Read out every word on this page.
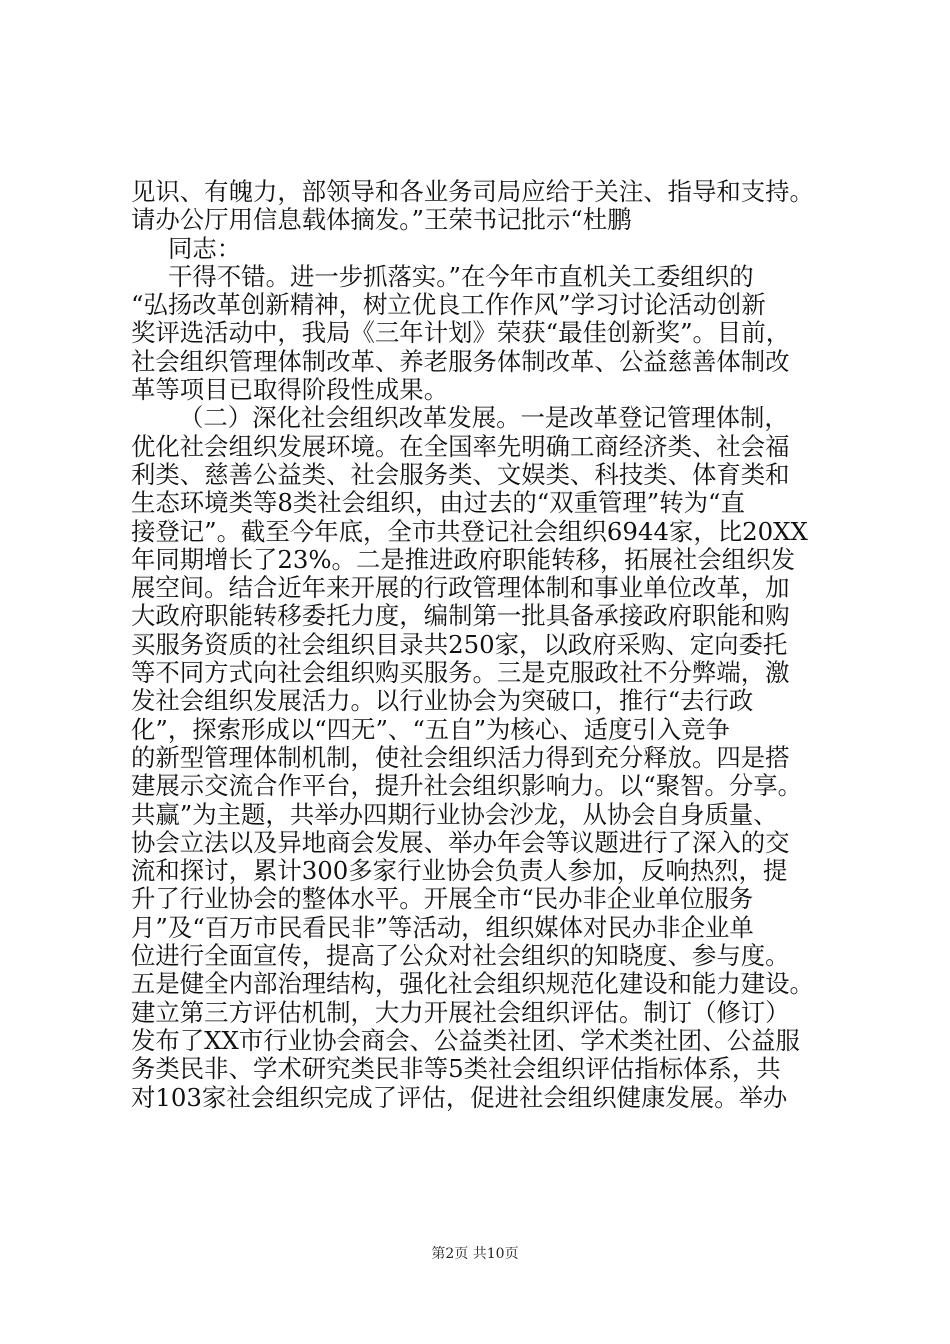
见识、有魄力，部领导和各业务司局应给于关注、指导和支持。
请办公厅用信息载体摘发。”王荣书记批示“杜鹏
同志：
干得不错。进一步抓落实。”在今年市直机关工委组织的
“弘扬改革创新精神，树立优良工作作风”学习讨论活动创新
奖评选活动中，我局《三年计划》荣获“最佳创新奖”。目前，
社会组织管理体制改革、养老服务体制改革、公益慈善体制改
革等项目已取得阶段性成果。
（二）深化社会组织改革发展。一是改革登记管理体制，
优化社会组织发展环境。在全国率先明确工商经济类、社会福
利类、慈善公益类、社会服务类、文娱类、科技类、体育类和
生态环境类等8类社会组织，由过去的“双重管理”转为“直
接登记”。截至今年底，全市共登记社会组织6944家，比20XX
年同期增长了23%。二是推进政府职能转移，拓展社会组织发
展空间。结合近年来开展的行政管理体制和事业单位改革，加
大政府职能转移委托力度，编制第一批具备承接政府职能和购
买服务资质的社会组织目录共250家，以政府采购、定向委托
等不同方式向社会组织购买服务。三是克服政社不分弊端，激
发社会组织发展活力。以行业协会为突破口，推行“去行政
化”，探索形成以“四无”、“五自”为核心、适度引入竞争
的新型管理体制机制，使社会组织活力得到充分释放。四是搭
建展示交流合作平台，提升社会组织影响力。以“聚智。分享。
共赢”为主题，共举办四期行业协会沙龙，从协会自身质量、
协会立法以及异地商会发展、举办年会等议题进行了深入的交
流和探讨，累计300多家行业协会负责人参加，反响热烈，提
升了行业协会的整体水平。开展全市“民办非企业单位服务
月”及“百万市民看民非”等活动，组织媒体对民办非企业单
位进行全面宣传，提高了公众对社会组织的知晓度、参与度。
五是健全内部治理结构，强化社会组织规范化建设和能力建设。
建立第三方评估机制，大力开展社会组织评估。制订（修订）
发布了XX市行业协会商会、公益类社团、学术类社团、公益服
务类民非、学术研究类民非等5类社会组织评估指标体系，共
对103家社会组织完成了评估，促进社会组织健康发展。举办
第2页 共10页
